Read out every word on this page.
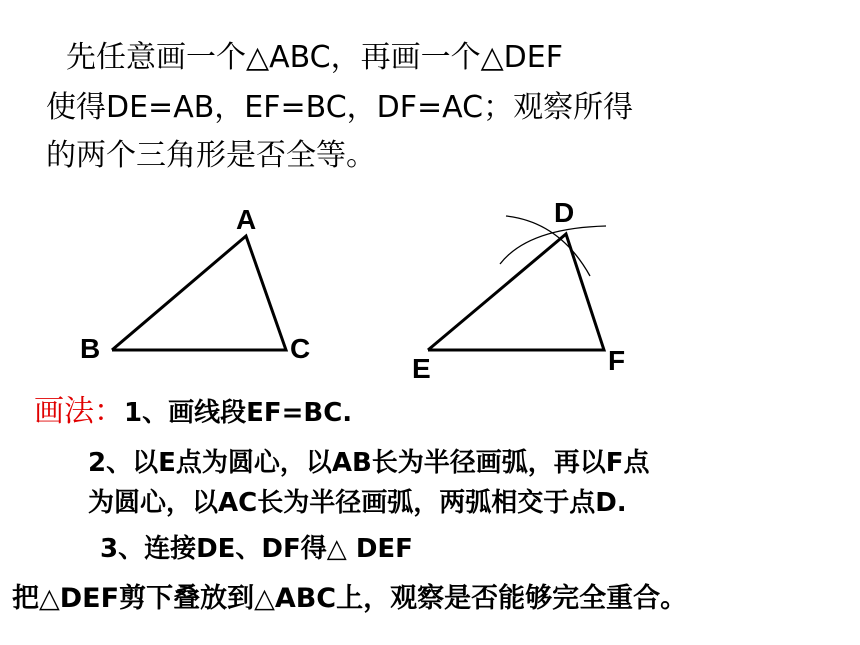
先任意画一个△ABC，再画一个△DEF
使得DE=AB，EF=BC，DF=AC；观察所得
的两个三角形是否全等。
A
B	C
D
E	F
画法：1、画线段EF=BC.
2、以E点为圆心，以AB长为半径画弧，再以F点
为圆心，以AC长为半径画弧，两弧相交于点D.
3、连接DE、DF得△ DEF
把△DEF剪下叠放到△ABC上，观察是否能够完全重合。
